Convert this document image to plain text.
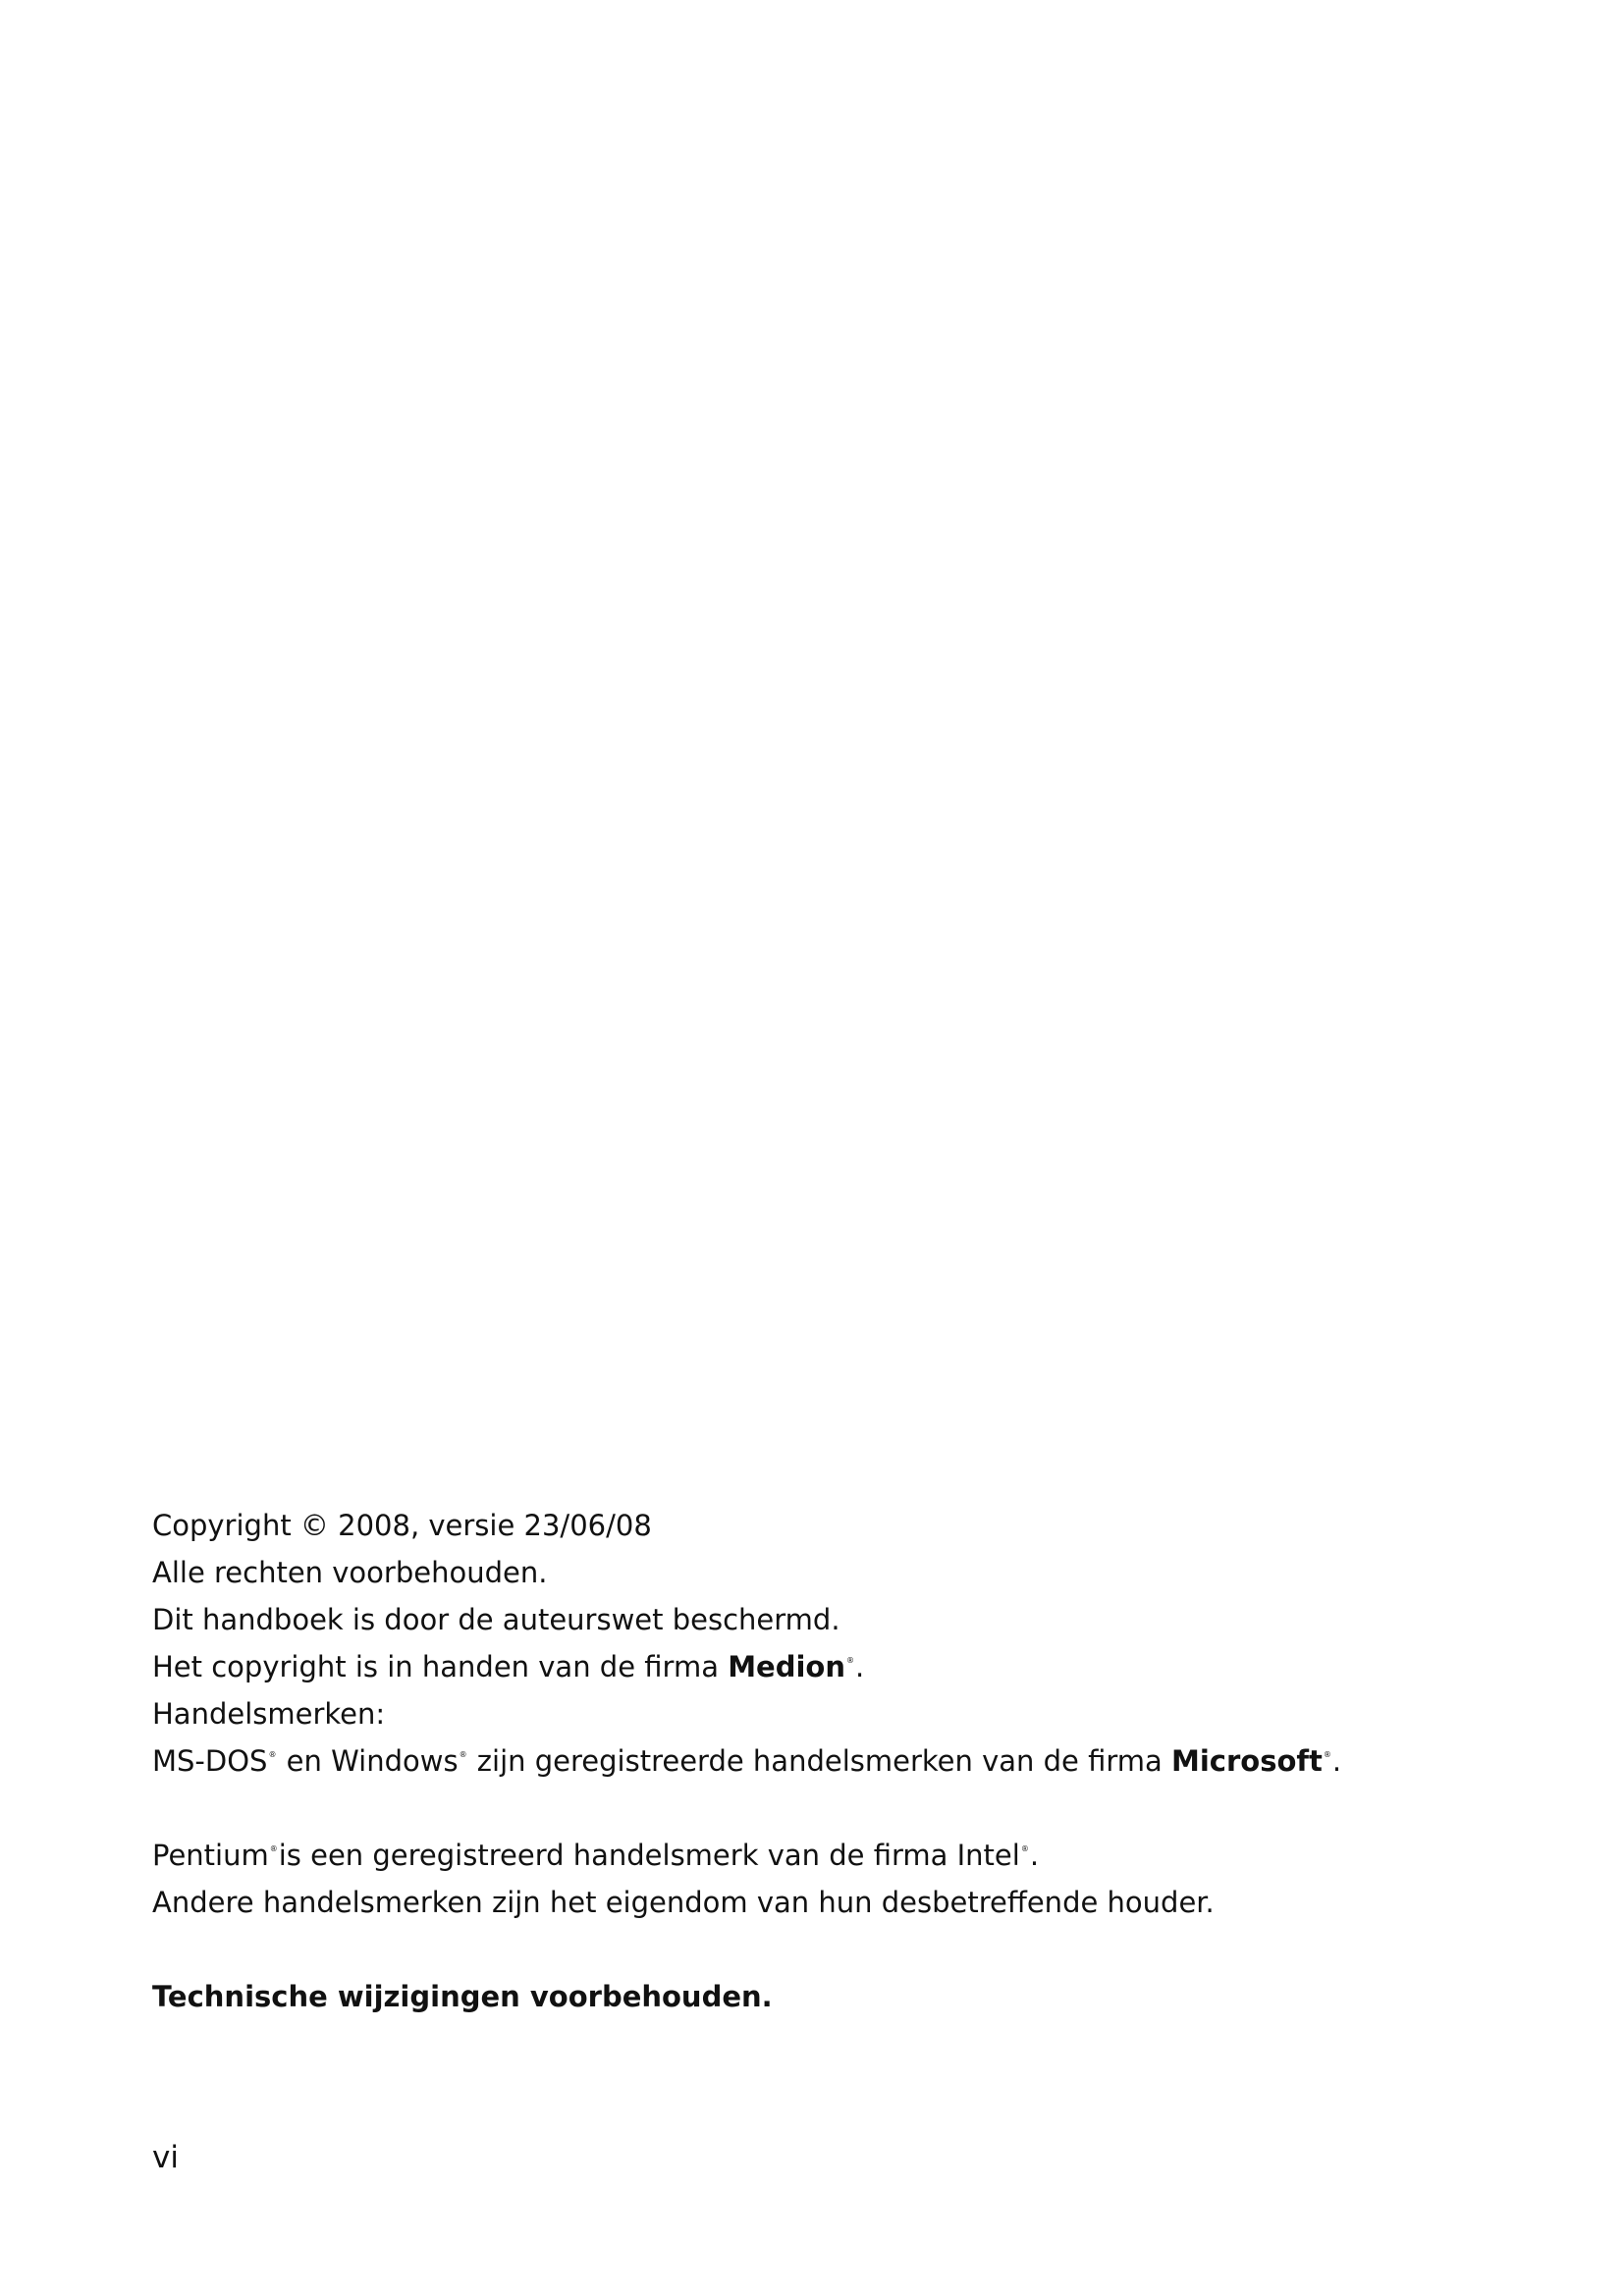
Copyright © 2008, versie 23/06/08
Alle rechten voorbehouden.
Dit handboek is door de auteurswet beschermd.
Het copyright is in handen van de firma Medion®.
Handelsmerken:
MS-DOS® en Windows® zijn geregistreerde handelsmerken van de firma Microsoft®.
Pentium®is een geregistreerd handelsmerk van de firma Intel®.
Andere handelsmerken zijn het eigendom van hun desbetreffende houder.
Technische wijzigingen voorbehouden.
vi
